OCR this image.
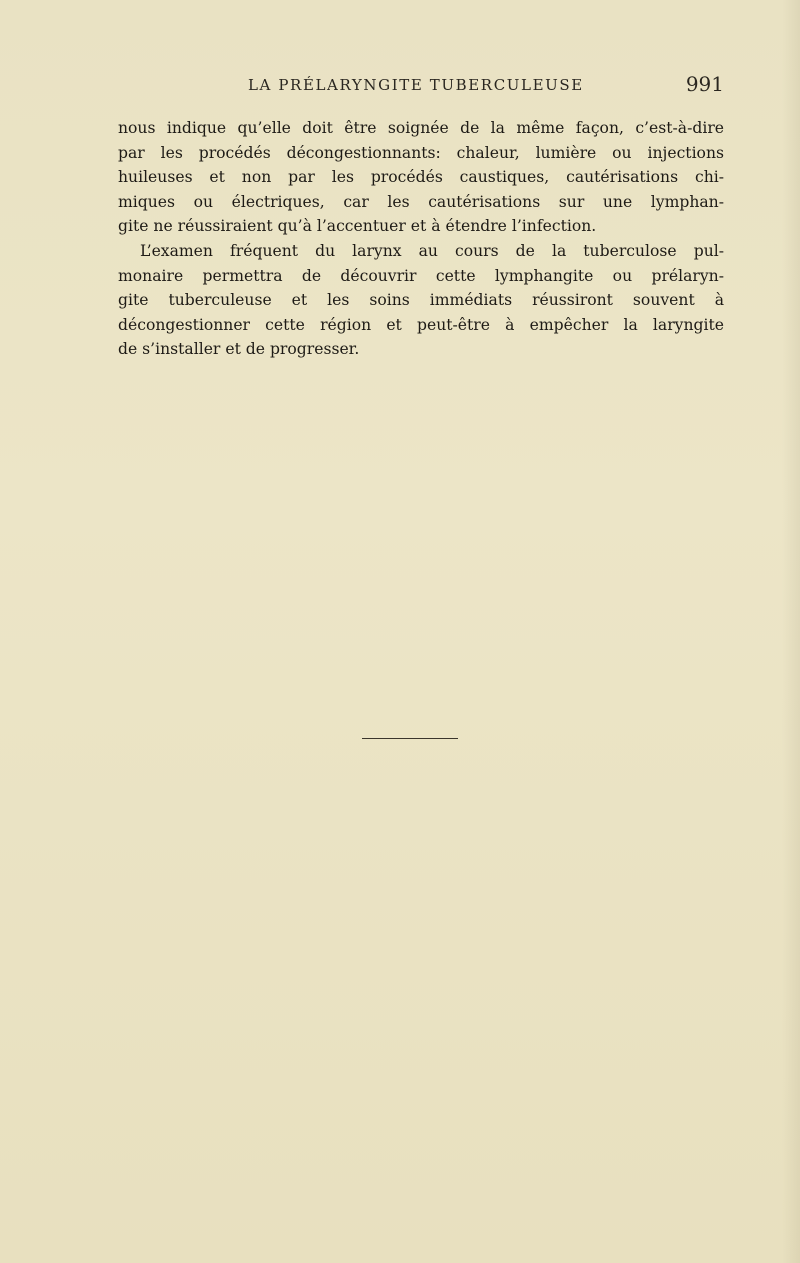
LA PRÉLARYNGITE TUBERCULEUSE	991

nous indique qu’elle doit être soignée de la même façon, c’est-à-dire
par les procédés décongestionnants: chaleur, lumière ou injections
huileuses et non par les procédés caustiques, cautérisations chi-
miques ou électriques, car les cautérisations sur une lymphan-
gite ne réussiraient qu’à l’accentuer et à étendre l’infection.

L’examen fréquent du larynx au cours de la tuberculose pul-
monaire permettra de découvrir cette lymphangite ou prélaryn-
gite tuberculeuse et les soins immédiats réussiront souvent à
décongestionner cette région et peut-être à empêcher la laryngite
de s’installer et de progresser.
